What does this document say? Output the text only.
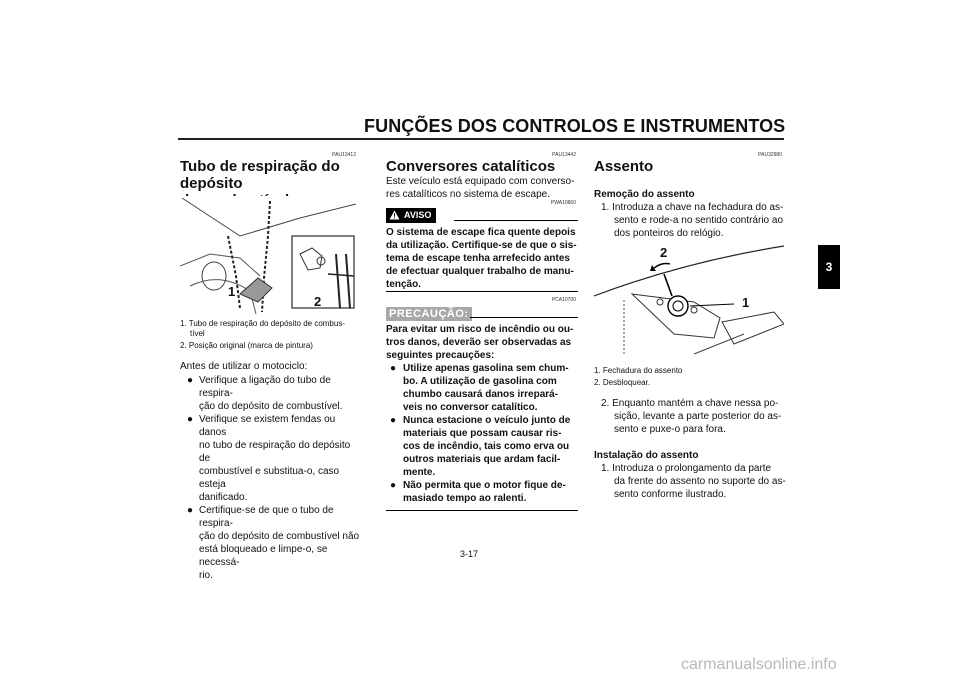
FUNÇÕES DOS CONTROLOS E INSTRUMENTOS
3
PAU13412
Tubo de respiração do depósito
1
2
1. Tubo de respiração do depósito de combus-
tível
2. Posição original (marca de pintura)
Antes de utilizar o motociclo:
● Verifique a ligação do tubo de respira-
ção do depósito de combustível.
● Verifique se existem fendas ou danos
no tubo de respiração do depósito de
combustível e substitua-o, caso esteja
danificado.
● Certifique-se de que o tubo de respira-
ção do depósito de combustível não
está bloqueado e limpe-o, se necessá-
rio.
PAU13442
Conversores catalíticos
Este veículo está equipado com converso-
res catalíticos no sistema de escape.
PWA10860
AVISO
O sistema de escape fica quente depois
da utilização. Certifique-se de que o sis-
tema de escape tenha arrefecido antes
de efectuar qualquer trabalho de manu-
tenção.
PCA10700
PRECAUÇÃO:
Para evitar um risco de incêndio ou ou-
tros danos, deverão ser observadas as
seguintes precauções:
● Utilize apenas gasolina sem chum-
bo. A utilização de gasolina com
chumbo causará danos irrepará-
veis no conversor catalítico.
● Nunca estacione o veículo junto de
materiais que possam causar ris-
cos de incêndio, tais como erva ou
outros materiais que ardam facil-
mente.
● Não permita que o motor fique de-
masiado tempo ao ralenti.
PAU32980
Assento
Remoção do assento
1. Introduza a chave na fechadura do as-
sento e rode-a no sentido contrário ao
dos ponteiros do relógio.
2
1
1. Fechadura do assento
2. Desbloquear.
2. Enquanto mantém a chave nessa po-
sição, levante a parte posterior do as-
sento e puxe-o para fora.
Instalação do assento
1. Introduza o prolongamento da parte
da frente do assento no suporte do as-
sento conforme ilustrado.
3-17
carmanualsonline.info
